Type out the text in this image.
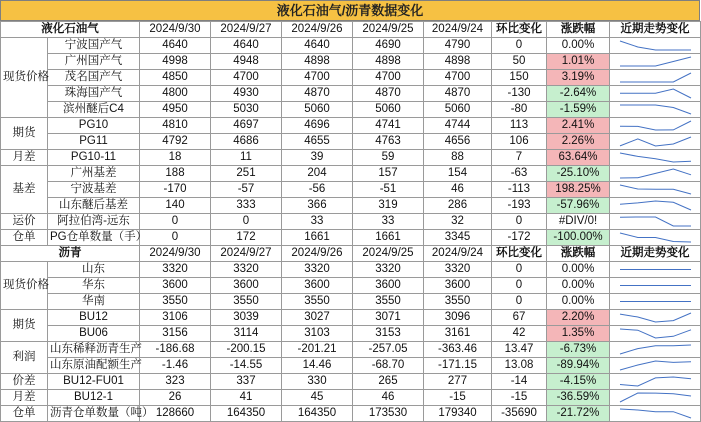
液化石油气/沥青数据变化
液化石油气		2024/9/30	2024/9/27	2024/9/26	2024/9/25	2024/9/24	环比变化	涨跌幅	近期走势变化
现货价格	宁波国产气	4640	4640	4640	4690	4790	0	0.00%	

	广州国产气	4998	4948	4898	4898	4898	50	1.01%	

	茂名国产气	4850	4700	4700	4700	4700	150	3.19%	

	珠海国产气	4800	4930	4870	4870	4870	-130	-2.64%	

	滨州醚后C4	4950	5030	5060	5060	5060	-80	-1.59%	

期货	PG10	4810	4697	4696	4741	4744	113	2.41%	

	PG11	4792	4686	4655	4763	4656	106	2.26%	

月差	PG10-11	18	11	39	59	88	7	63.64%	

基差	广州基差	188	251	204	157	154	-63	-25.10%	

	宁波基差	-170	-57	-56	-51	46	-113	198.25%	

	山东醚后基差	140	333	366	319	286	-193	-57.96%	

运价	阿拉伯湾-远东	0	0	33	33	32	0	#DIV/0!	

仓单	PG仓单数量（手）	0	172	1661	1661	3345	-172	-100.00%	

沥青		2024/9/30	2024/9/27	2024/9/26	2024/9/25	2024/9/24	环比变化	涨跌幅	近期走势变化
现货价格	山东	3320	3320	3320	3320	3320	0	0.00%	

	华东	3600	3600	3600	3600	3600	0	0.00%	

	华南	3550	3550	3550	3550	3550	0	0.00%	

期货	BU12	3106	3039	3027	3071	3096	67	2.20%	

	BU06	3156	3114	3103	3153	3161	42	1.35%	

利润	山东稀释沥青生产	-186.68	-200.15	-201.21	-257.05	-363.46	13.47	-6.73%	

	山东原油配额生产	-1.46	-14.55	14.46	-68.70	-171.15	13.08	-89.94%	

价差	BU12-FU01	323	337	330	265	277	-14	-4.15%	

月差	BU12-1	26	41	45	46	-15	-15	-36.59%	

仓单	沥青仓单数量（吨）	128660	164350	164350	173530	179340	-35690	-21.72%	
